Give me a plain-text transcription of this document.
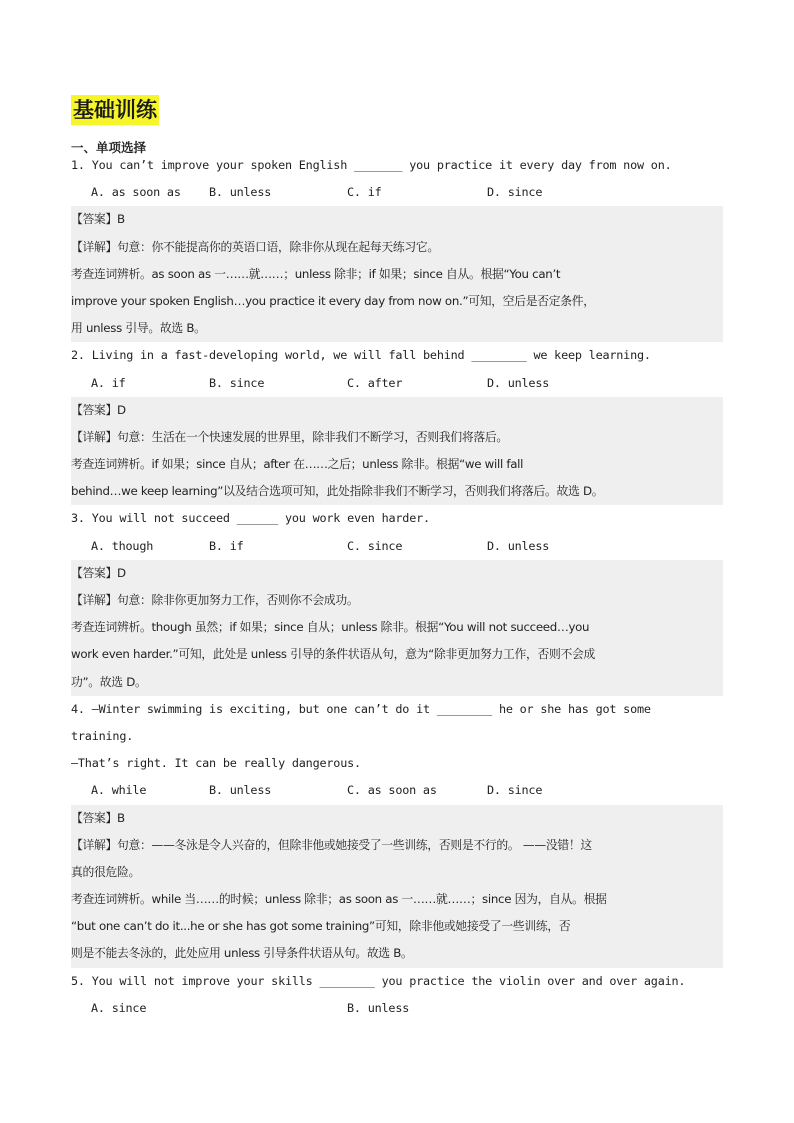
基础训练
一、单项选择
1. You can’t improve your spoken English _______ you practice it every day from now on.
A. as soon as B. unless	C. if	D. since
【答案】B
【详解】句意：你不能提高你的英语口语，除非你从现在起每天练习它。
考查连词辨析。as soon as 一……就……；unless 除非；if 如果；since 自从。根据“You can’t
improve your spoken English…you practice it every day from now on.”可知，空后是否定条件，
用 unless 引导。故选 B。
2. Living in a fast-developing world, we will fall behind ________ we keep learning.
A. if	B. since	C. after	D. unless
【答案】D
【详解】句意：生活在一个快速发展的世界里，除非我们不断学习，否则我们将落后。
考查连词辨析。if 如果；since 自从；after 在……之后；unless 除非。根据“we will fall
behind…we keep learning”以及结合选项可知，此处指除非我们不断学习，否则我们将落后。故选 D。
3. You will not succeed ______ you work even harder.
A. though	B. if	C. since	D. unless
【答案】D
【详解】句意：除非你更加努力工作，否则你不会成功。
考查连词辨析。though 虽然；if 如果；since 自从；unless 除非。根据“You will not succeed…you
work even harder.”可知，此处是 unless 引导的条件状语从句，意为“除非更加努力工作，否则不会成
功”。故选 D。
4. —Winter swimming is exciting, but one can’t do it ________ he or she has got some
training.
—That’s right. It can be really dangerous.
A. while	B. unless	C. as soon as	D. since
【答案】B
【详解】句意：——冬泳是令人兴奋的，但除非他或她接受了一些训练，否则是不行的。 ——没错！这
真的很危险。
考查连词辨析。while 当……的时候；unless 除非；as soon as 一……就……；since 因为，自从。根据
“but one can’t do it...he or she has got some training”可知，除非他或她接受了一些训练，否
则是不能去冬泳的，此处应用 unless 引导条件状语从句。故选 B。
5. You will not improve your skills ________ you practice the violin over and over again.
A. since	B. unless
